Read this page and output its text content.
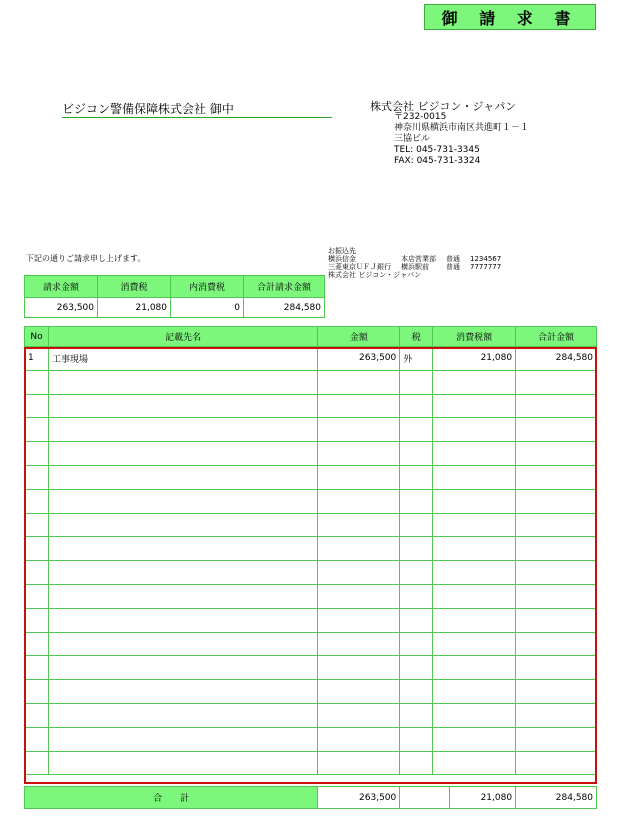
御 請 求 書
ビジコン警備保障株式会社 御中	株式会社 ビジコン・ジャパン
〒232-0015
神奈川県横浜市南区共進町１－１
三協ビル
TEL: 045-731-3345
FAX: 045-731-3324
下記の通りご請求申し上げます。
お振込先
横浜信金	本店営業部	普通	1234567
三菱東京ＵＦＪ銀行	横浜駅前	普通	7777777
株式会社 ビジコン・ジャパン
請求金額	消費税	内消費税	合計請求金額
263,500	21,080	0	284,580
No	記載先名	金額	税	消費税額	合計金額
1	工事現場	263,500	外	21,080	284,580

合　　計	263,500		21,080	284,580
